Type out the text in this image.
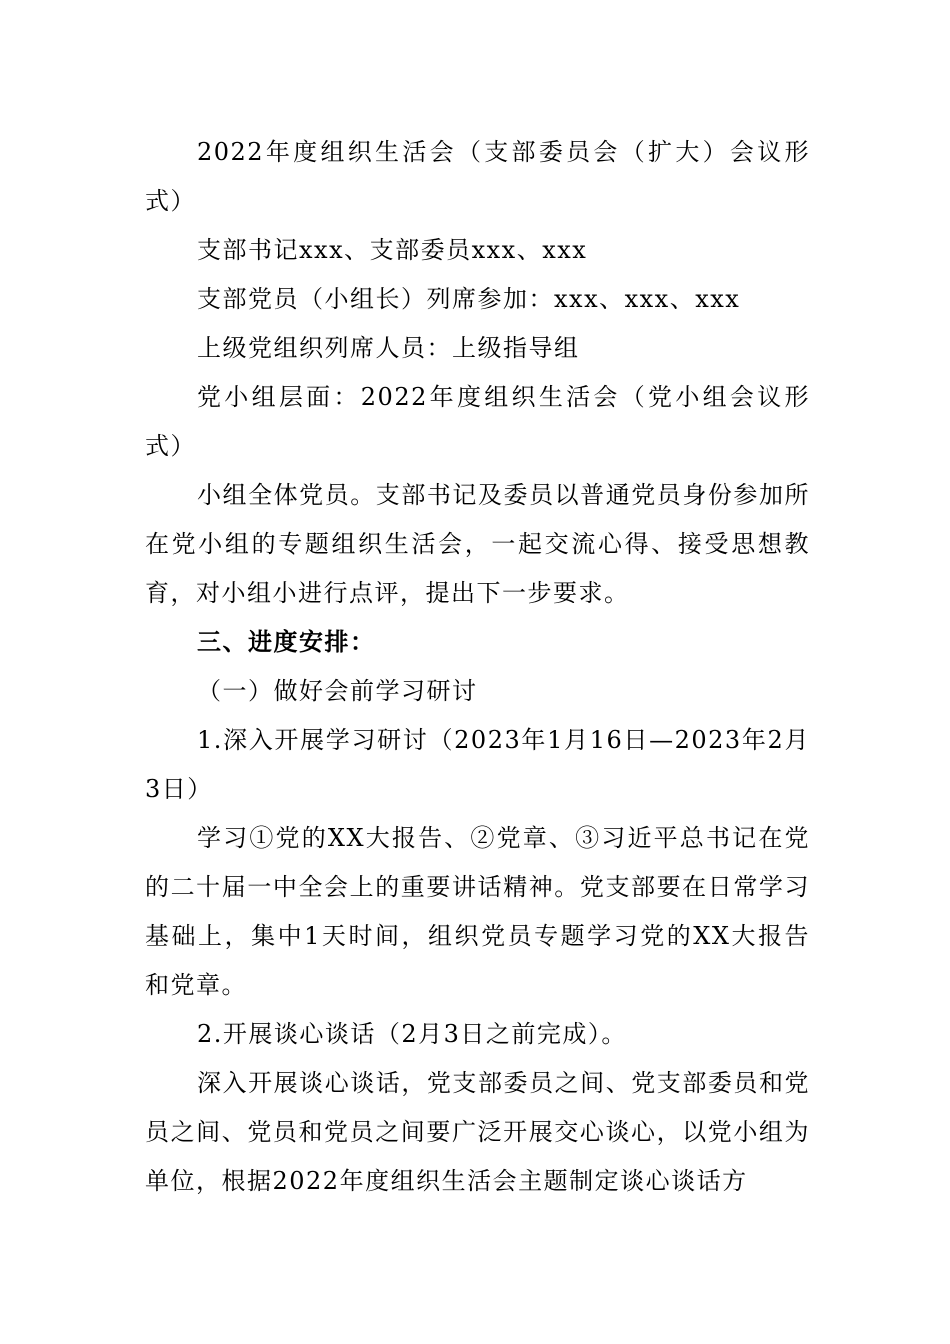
2022年度组织生活会（支部委员会（扩大）会议形式）

支部书记xxx、支部委员xxx、xxx

支部党员（小组长）列席参加：xxx、xxx、xxx

上级党组织列席人员：上级指导组

党小组层面：2022年度组织生活会（党小组会议形式）

小组全体党员。支部书记及委员以普通党员身份参加所在党小组的专题组织生活会，一起交流心得、接受思想教育，对小组小进行点评，提出下一步要求。

三、进度安排：

（一）做好会前学习研讨

1.深入开展学习研讨（2023年1月16日—2023年2月3日）

学习①党的XX大报告、②党章、③习近平总书记在党的二十届一中全会上的重要讲话精神。党支部要在日常学习基础上，集中1天时间，组织党员专题学习党的XX大报告和党章。

2.开展谈心谈话（2月3日之前完成）。

深入开展谈心谈话，党支部委员之间、党支部委员和党员之间、党员和党员之间要广泛开展交心谈心，以党小组为单位，根据2022年度组织生活会主题制定谈心谈话方
